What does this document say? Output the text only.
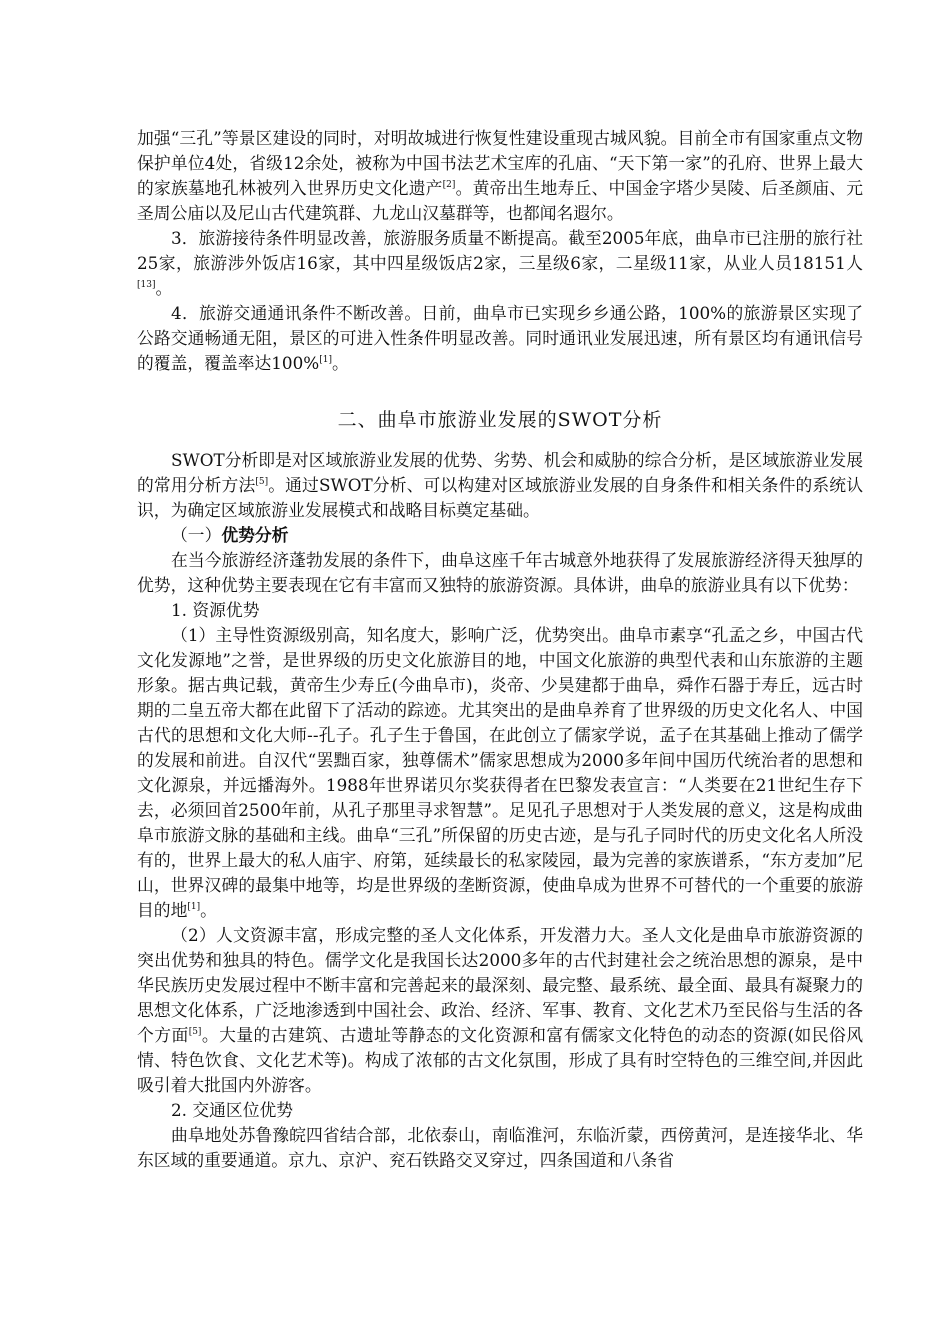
加强“三孔”等景区建设的同时，对明故城进行恢复性建设重现古城风貌。目前全市有国家重点文物保护单位4处，省级12余处，被称为中国书法艺术宝库的孔庙、“天下第一家”的孔府、世界上最大的家族墓地孔林被列入世界历史文化遗产[2]。黄帝出生地寿丘、中国金字塔少昊陵、后圣颜庙、元圣周公庙以及尼山古代建筑群、九龙山汉墓群等，也都闻名遐尔。

3．旅游接待条件明显改善，旅游服务质量不断提高。截至2005年底，曲阜市已注册的旅行社25家，旅游涉外饭店16家，其中四星级饭店2家，三星级6家，二星级11家，从业人员18151人[13]。

4．旅游交通通讯条件不断改善。日前，曲阜市已实现乡乡通公路，100%的旅游景区实现了公路交通畅通无阻，景区的可进入性条件明显改善。同时通讯业发展迅速，所有景区均有通讯信号的覆盖，覆盖率达100%[1]。

二、曲阜市旅游业发展的SWOT分析

SWOT分析即是对区域旅游业发展的优势、劣势、机会和威胁的综合分析，是区域旅游业发展的常用分析方法[5]。通过SWOT分析、可以构建对区域旅游业发展的自身条件和相关条件的系统认识，为确定区域旅游业发展模式和战略目标奠定基础。

（一）优势分析

在当今旅游经济蓬勃发展的条件下，曲阜这座千年古城意外地获得了发展旅游经济得天独厚的优势，这种优势主要表现在它有丰富而又独特的旅游资源。具体讲，曲阜的旅游业具有以下优势：

1. 资源优势

（1）主导性资源级别高，知名度大，影响广泛，优势突出。曲阜市素享“孔孟之乡，中国古代文化发源地”之誉，是世界级的历史文化旅游目的地，中国文化旅游的典型代表和山东旅游的主题形象。据古典记载，黄帝生少寿丘(今曲阜市)，炎帝、少昊建都于曲阜，舜作石器于寿丘，远古时期的二皇五帝大都在此留下了活动的踪迹。尤其突出的是曲阜养育了世界级的历史文化名人、中国古代的思想和文化大师--孔子。孔子生于鲁国，在此创立了儒家学说，孟子在其基础上推动了儒学的发展和前进。自汉代“罢黜百家，独尊儒术”儒家思想成为2000多年间中国历代统治者的思想和文化源泉，并远播海外。1988年世界诺贝尔奖获得者在巴黎发表宣言：“人类要在21世纪生存下去，必须回首2500年前，从孔子那里寻求智慧”。足见孔子思想对于人类发展的意义，这是构成曲阜市旅游文脉的基础和主线。曲阜“三孔”所保留的历史古迹，是与孔子同时代的历史文化名人所没有的，世界上最大的私人庙宇、府第，延续最长的私家陵园，最为完善的家族谱系，“东方麦加”尼山，世界汉碑的最集中地等，均是世界级的垄断资源，使曲阜成为世界不可替代的一个重要的旅游目的地[1]。

（2）人文资源丰富，形成完整的圣人文化体系，开发潜力大。圣人文化是曲阜市旅游资源的突出优势和独具的特色。儒学文化是我国长达2000多年的古代封建社会之统治思想的源泉，是中华民族历史发展过程中不断丰富和完善起来的最深刻、最完整、最系统、最全面、最具有凝聚力的思想文化体系，广泛地渗透到中国社会、政治、经济、军事、教育、文化艺术乃至民俗与生活的各个方面[5]。大量的古建筑、古遗址等静态的文化资源和富有儒家文化特色的动态的资源(如民俗风情、特色饮食、文化艺术等)。构成了浓郁的古文化氛围，形成了具有时空特色的三维空间,并因此吸引着大批国内外游客。

2. 交通区位优势

曲阜地处苏鲁豫皖四省结合部，北依泰山，南临淮河，东临沂蒙，西傍黄河，是连接华北、华东区域的重要通道。京九、京沪、兖石铁路交叉穿过，四条国道和八条省
